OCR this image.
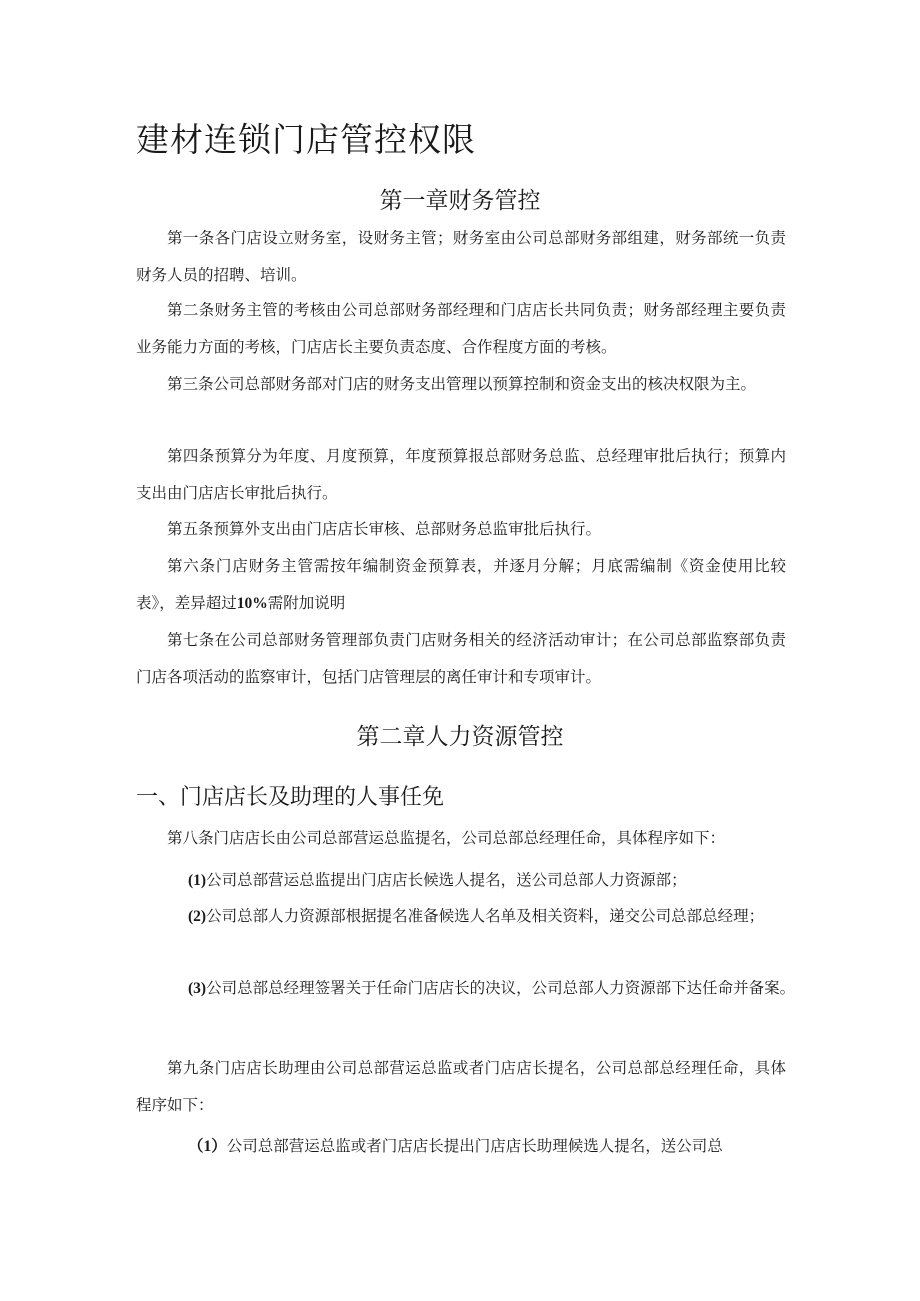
建材连锁门店管控权限
第一章财务管控

第一条各门店设立财务室，设财务主管；财务室由公司总部财务部组建，财务部统一负责财务人员的招聘、培训。

第二条财务主管的考核由公司总部财务部经理和门店店长共同负责；财务部经理主要负责业务能力方面的考核，门店店长主要负责态度、合作程度方面的考核。

第三条公司总部财务部对门店的财务支出管理以预算控制和资金支出的核决权限为主。

第四条预算分为年度、月度预算，年度预算报总部财务总监、总经理审批后执行；预算内支出由门店店长审批后执行。

第五条预算外支出由门店店长审核、总部财务总监审批后执行。

第六条门店财务主管需按年编制资金预算表，并逐月分解；月底需编制《资金使用比较表》，差异超过10%需附加说明

第七条在公司总部财务管理部负责门店财务相关的经济活动审计；在公司总部监察部负责门店各项活动的监察审计，包括门店管理层的离任审计和专项审计。

第二章人力资源管控
一、门店店长及助理的人事任免

第八条门店店长由公司总部营运总监提名，公司总部总经理任命，具体程序如下：

(1)公司总部营运总监提出门店店长候选人提名，送公司总部人力资源部；

(2)公司总部人力资源部根据提名准备候选人名单及相关资料，递交公司总部总经理；

(3)公司总部总经理签署关于任命门店店长的决议，公司总部人力资源部下达任命并备案。

第九条门店店长助理由公司总部营运总监或者门店店长提名，公司总部总经理任命，具体程序如下：

（1）公司总部营运总监或者门店店长提出门店店长助理候选人提名，送公司总
